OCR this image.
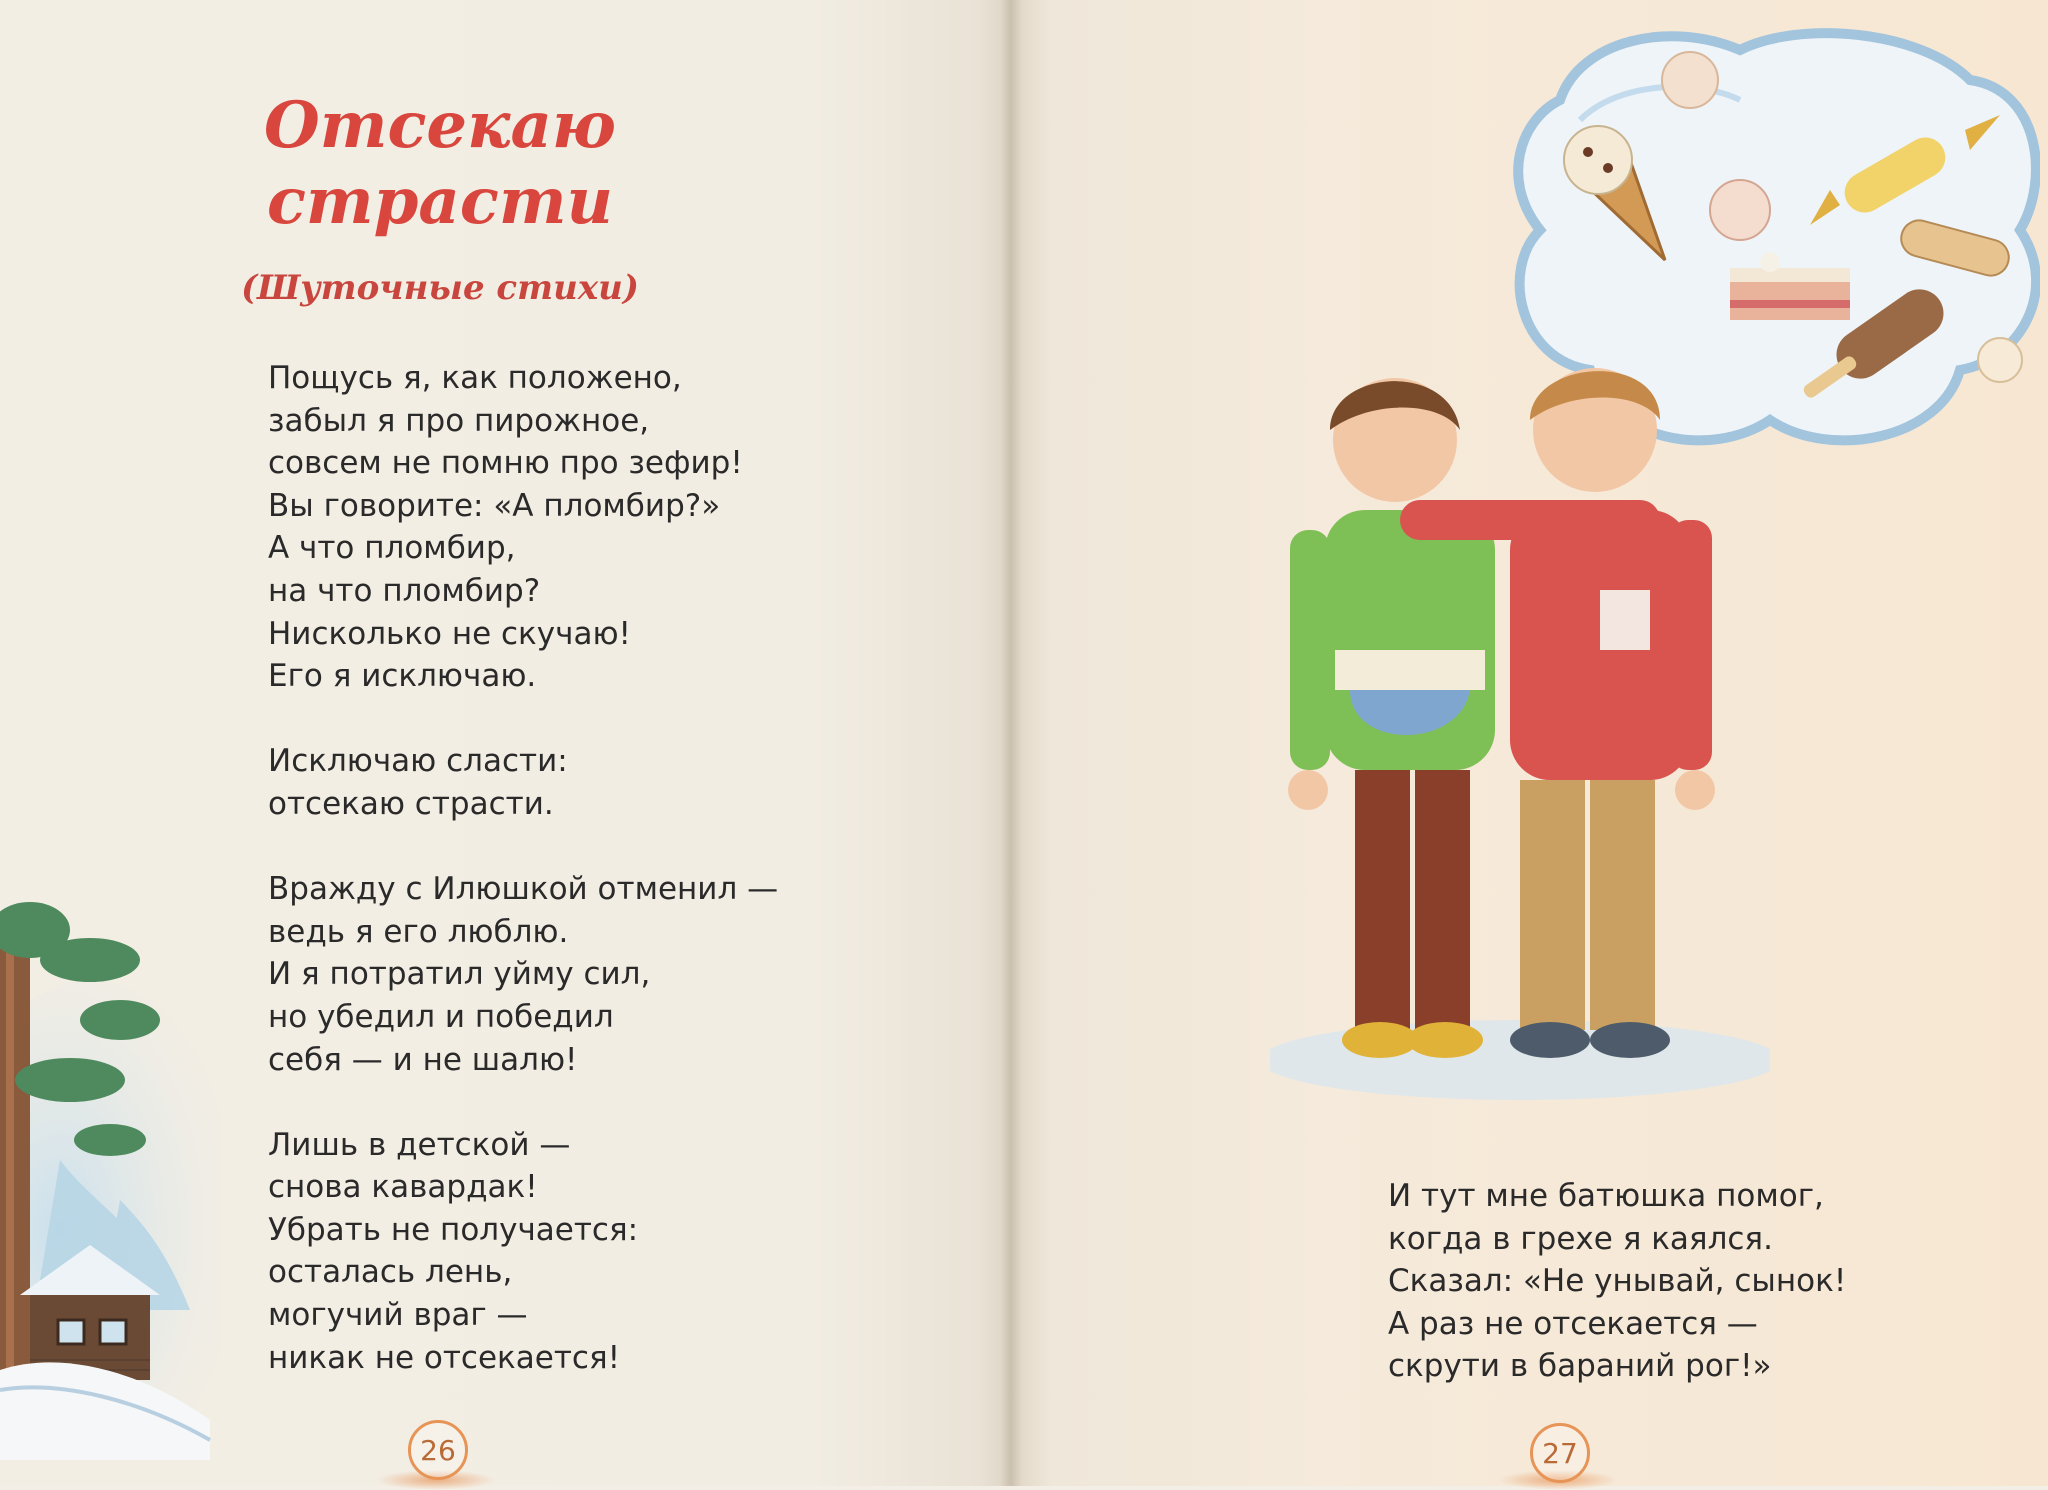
Отсекаю
страсти

(Шуточные стихи)

Пощусь я, как положено,
забыл я про пирожное,
совсем не помню про зефир!
Вы говорите: «А пломбир?»
А что пломбир,
на что пломбир?
Нисколько не скучаю!
Его я исключаю.

Исключаю сласти:
отсекаю страсти.

Вражду с Илюшкой отменил —
ведь я его люблю.
И я потратил уйму сил,
но убедил и победил
себя — и не шалю!

Лишь в детской —
снова кавардак!
Убрать не получается:
осталась лень,
могучий враг —
никак не отсекается!

И тут мне батюшка помог,
когда в грехе я каялся.
Сказал: «Не унывай, сынок!
А раз не отсекается —
скрути в бараний рог!»

26	27
